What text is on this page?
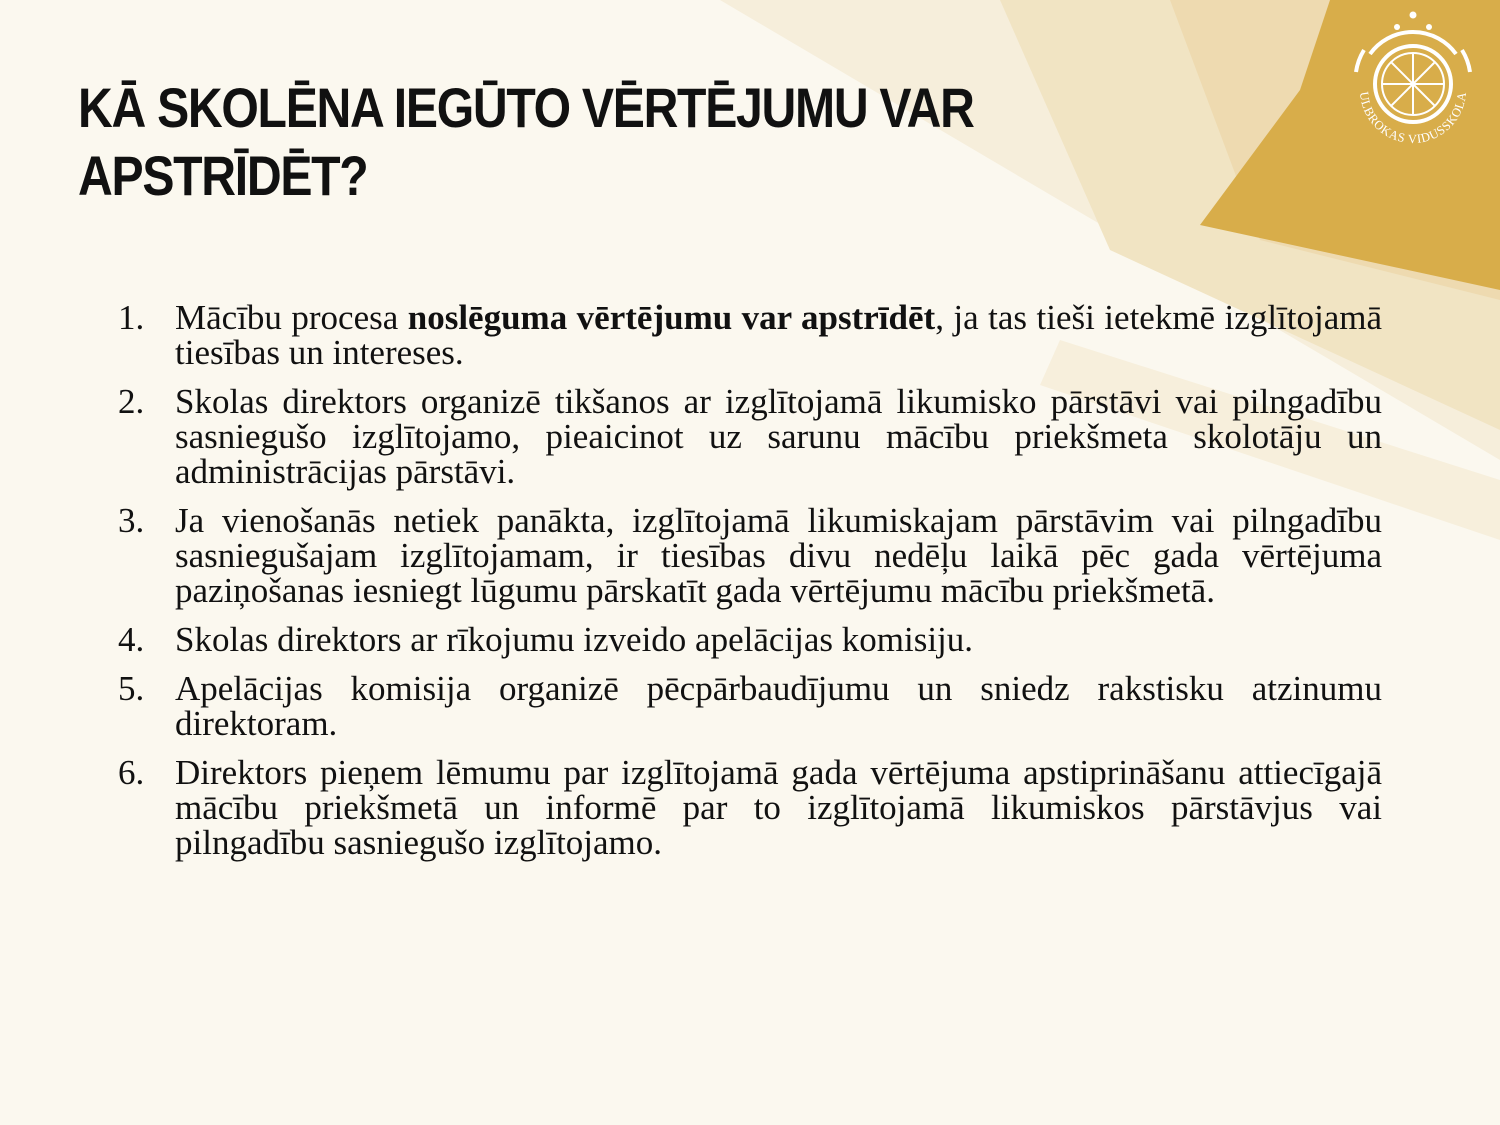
KĀ SKOLĒNA IEGŪTO VĒRTĒJUMU VAR
APSTRĪDĒT?
ULBROKAS VIDUSSKOLA
1. Mācību procesa noslēguma vērtējumu var apstrīdēt, ja tas tieši ietekmē izglītojamā tiesības un intereses.
2. Skolas direktors organizē tikšanos ar izglītojamā likumisko pārstāvi vai pilngadību sasniegušo izglītojamo, pieaicinot uz sarunu mācību priekšmeta skolotāju un administrācijas pārstāvi.
3. Ja vienošanās netiek panākta, izglītojamā likumiskajam pārstāvim vai pilngadību sasniegušajam izglītojamam, ir tiesības divu nedēļu laikā pēc gada vērtējuma paziņošanas iesniegt lūgumu pārskatīt gada vērtējumu mācību priekšmetā.
4. Skolas direktors ar rīkojumu izveido apelācijas komisiju.
5. Apelācijas komisija organizē pēcpārbaudījumu un sniedz rakstisku atzinumu direktoram.
6. Direktors pieņem lēmumu par izglītojamā gada vērtējuma apstiprināšanu attiecīgajā mācību priekšmetā un informē par to izglītojamā likumiskos pārstāvjus vai pilngadību sasniegušo izglītojamo.
